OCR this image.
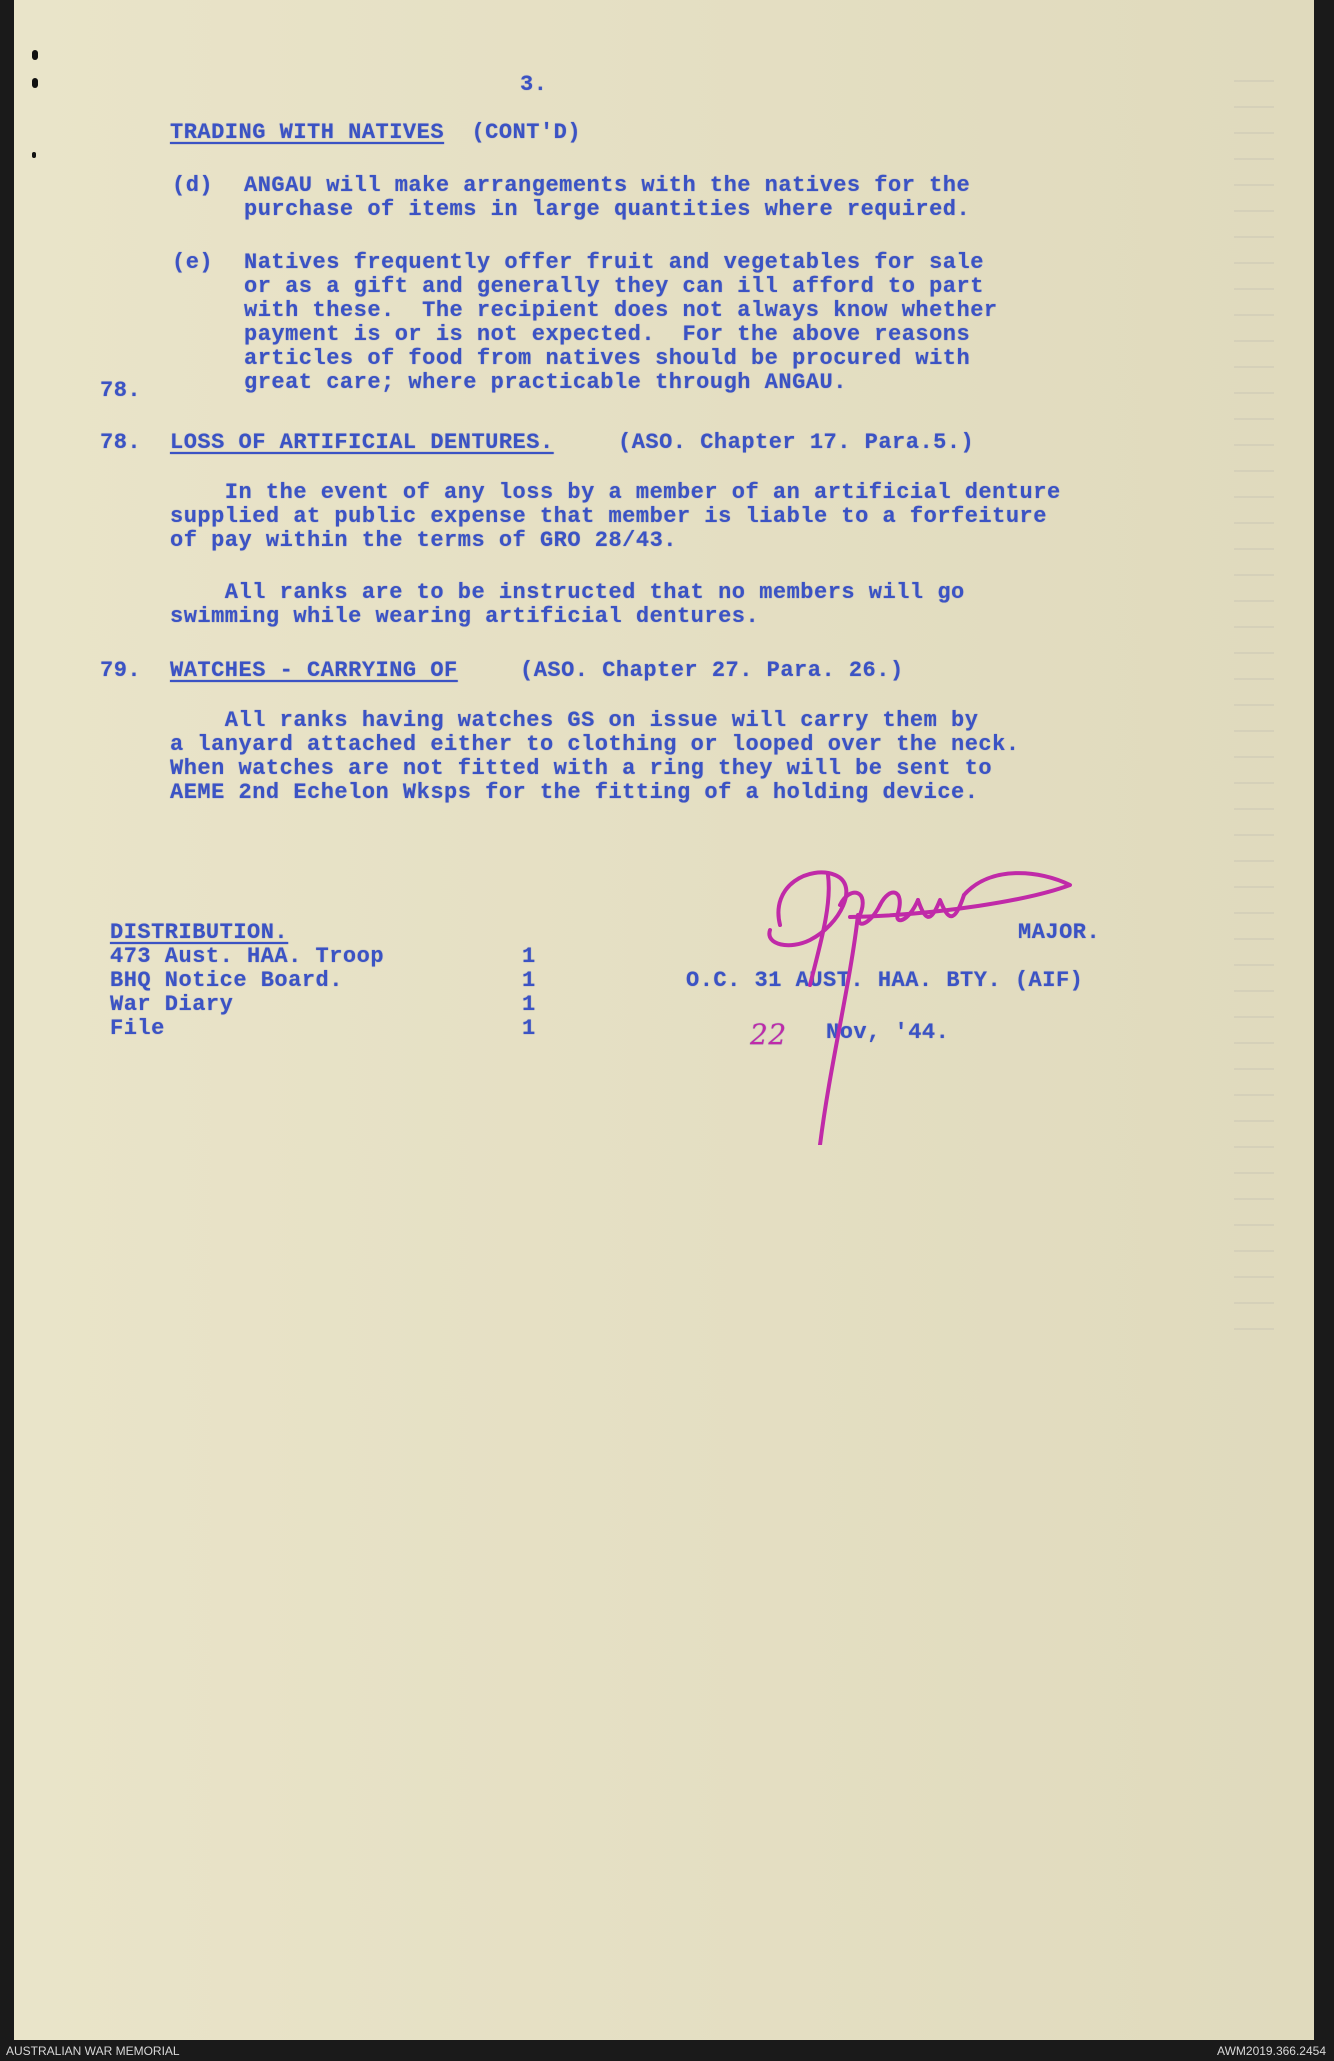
3.
TRADING WITH NATIVES (CONT'D)
(d) ANGAU will make arrangements with the natives for the
purchase of items in large quantities where required.
(e) Natives frequently offer fruit and vegetables for sale
or as a gift and generally they can ill afford to part
with these.  The recipient does not always know whether
payment is or is not expected.  For the above reasons
articles of food from natives should be procured with
great care; where practicable through ANGAU.
78.
78. LOSS OF ARTIFICIAL DENTURES.	(ASO. Chapter 17. Para.5.)
In the event of any loss by a member of an artificial denture
supplied at public expense that member is liable to a forfeiture
of pay within the terms of GRO 28/43.
All ranks are to be instructed that no members will go
swimming while wearing artificial dentures.
79. WATCHES - CARRYING OF	(ASO. Chapter 27. Para. 26.)
All ranks having watches GS on issue will carry them by
a lanyard attached either to clothing or looped over the neck.
When watches are not fitted with a ring they will be sent to
AEME 2nd Echelon Wksps for the fitting of a holding device.
DISTRIBUTION.
473 Aust. HAA. Troop	1
BHQ Notice Board.	1
War Diary	1
File	1
MAJOR.
O.C. 31 AUST. HAA. BTY. (AIF)
22 Nov, '44.
AUSTRALIAN WAR MEMORIAL	AWM2019.366.2454
